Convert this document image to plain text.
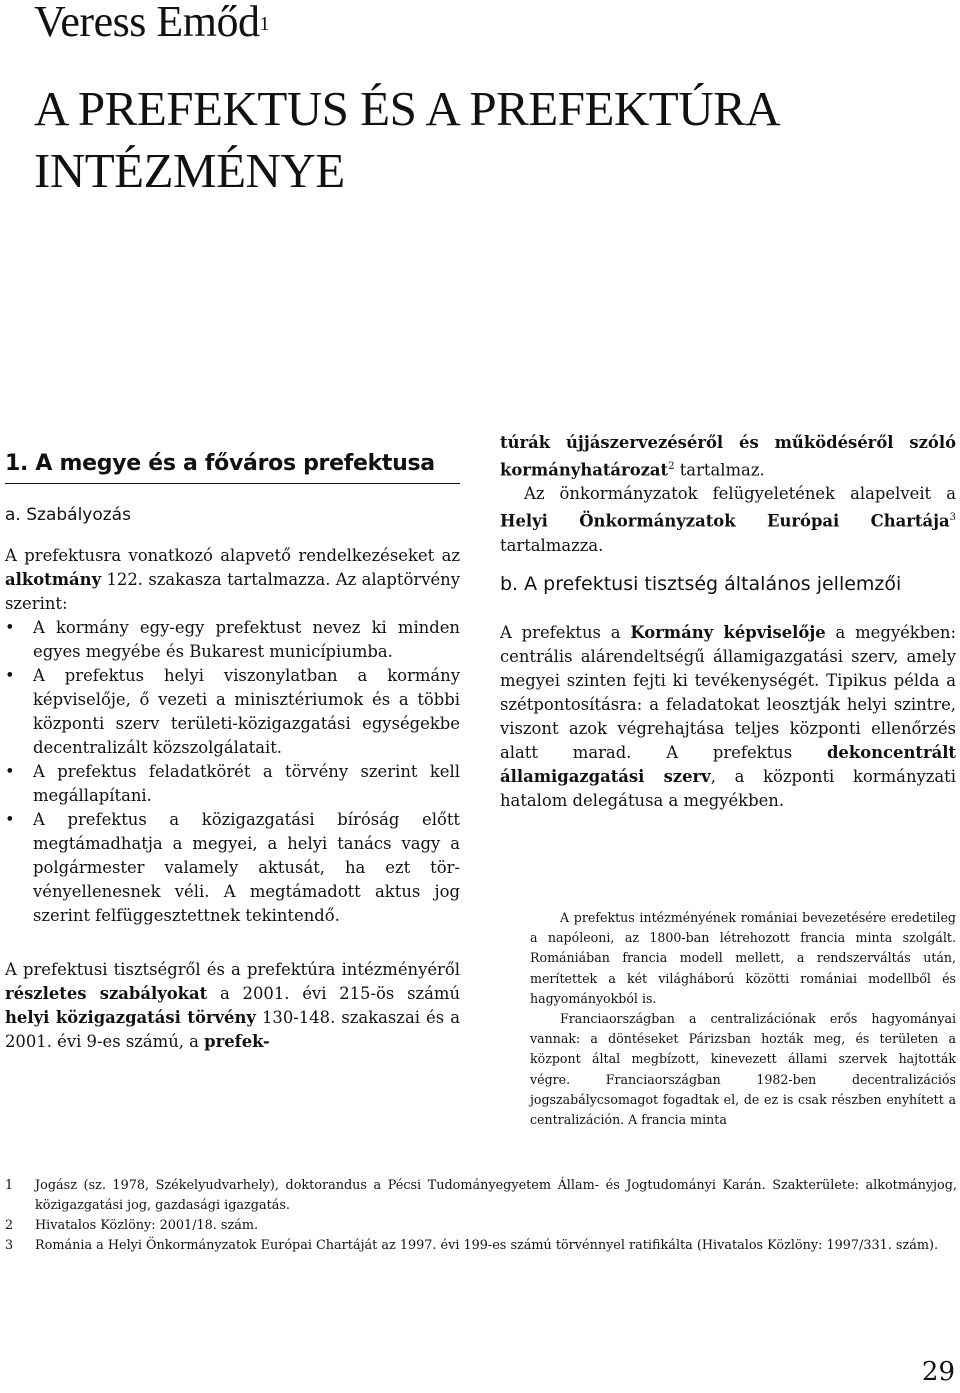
Veress Emőd$^1$
A PREFEKTUS ÉS A PREFEKTÚRA INTÉZMÉNYE
1. A megye és a főváros prefektusa
a. Szabályozás

A prefektusra vonatkozó alapvető rendelkezéseket az alkotmány 122. szakasza tartalmazza. Az alaptörvény szerint:

• A kormány egy-egy prefektust nevez ki minden egyes megyébe és Bukarest municípiumba.
• A prefektus helyi viszonylatban a kormány képviselője, ő vezeti a minisztériumok és a többi központi szerv területi-közigazgatási egységekbe decentralizált közszolgálatait.
• A prefektus feladatkörét a törvény szerint kell megállapítani.
• A prefektus a közigazgatási bíróság előtt megtámadhatja a megyei, a helyi tanács vagy a polgármester valamely aktusát, ha ezt törvényellenesnek véli. A megtámadott aktus jog szerint felfüggesztettnek tekintendő.

A prefektusi tisztségről és a prefektúra intézményéről részletes szabályokat a 2001. évi 215-ös számú helyi közigazgatási törvény 130-148. szakaszai és a 2001. évi 9-es számú, a prefek-

túrák újjászervezéséről és működéséről szóló kormányhatározat$^2$ tartalmaz.

Az önkormányzatok felügyeletének alapelveit a Helyi Önkormányzatok Európai Chartája$^3$ tartalmazza.

b. A prefektusi tisztség általános jellemzői

A prefektus a Kormány képviselője a megyékben: centrális alárendeltségű államigazgatási szerv, amely megyei szinten fejti ki tevékenységét. Tipikus példa a szétpontosításra: a feladatokat leosztják helyi szintre, viszont azok végrehajtása teljes központi ellenőrzés alatt marad. A prefektus dekoncentrált államigazgatási szerv, a központi kormányzati hatalom delegátusa a megyékben.

A prefektus intézményének romániai bevezetésére eredetileg a napóleoni, az 1800-ban létrehozott francia minta szolgált. Romániában francia modell mellett, a rendszerváltás után, merítettek a két világháború közötti romániai modellből és hagyományokból is.

Franciaországban a centralizációnak erős hagyományai vannak: a döntéseket Párizsban hozták meg, és területen a központ által megbízott, kinevezett állami szervek hajtották végre. Franciaországban 1982-ben decentralizációs jogszabálycsomagot fogadtak el, de ez is csak részben enyhített a centralizáción. A francia minta

1 Jogász (sz. 1978, Székelyudvarhely), doktorandus a Pécsi Tudományegyetem Állam- és Jogtudományi Karán. Szakterülete: alkotmányjog, közigazgatási jog, gazdasági igazgatás.
2 Hivatalos Közlöny: 2001/18. szám.
3 Románia a Helyi Önkormányzatok Európai Chartáját az 1997. évi 199-es számú törvénnyel ratifikálta (Hivatalos Közlöny: 1997/331. szám).
29
